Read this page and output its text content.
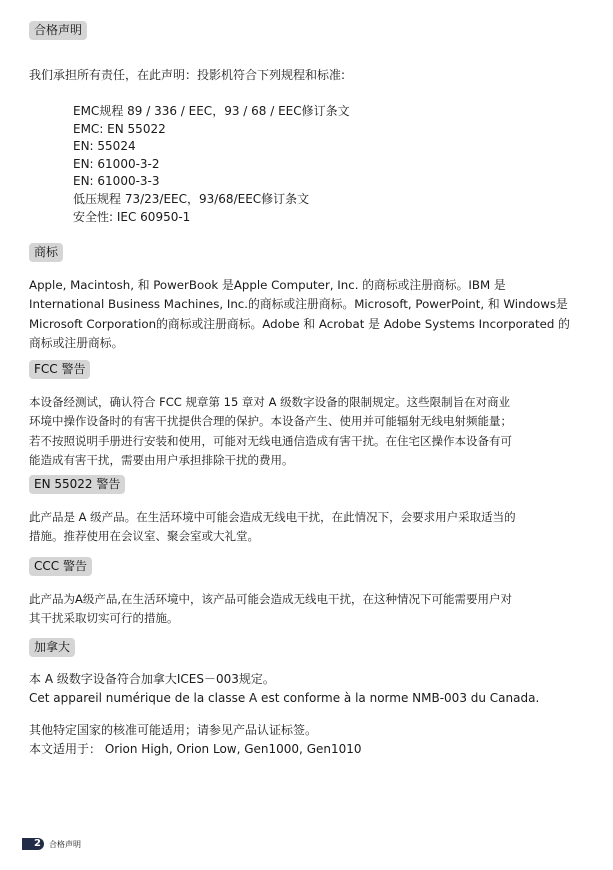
合格声明

我们承担所有责任，在此声明：投影机符合下列规程和标准:

EMC规程 89 / 336 / EEC，93 / 68 / EEC修订条文
EMC: EN 55022
EN: 55024
EN: 61000-3-2
EN: 61000-3-3
低压规程 73/23/EEC，93/68/EEC修订条文
安全性: IEC 60950-1
商标
Apple, Macintosh, 和 PowerBook 是Apple Computer, Inc. 的商标或注册商标。IBM 是
International Business Machines, Inc.的商标或注册商标。Microsoft, PowerPoint, 和 Windows是
Microsoft Corporation的商标或注册商标。Adobe 和 Acrobat 是 Adobe Systems Incorporated 的
商标或注册商标。
FCC 警告
本设备经测试，确认符合 FCC 规章第 15 章对 A 级数字设备的限制规定。这些限制旨在对商业
环境中操作设备时的有害干扰提供合理的保护。本设备产生、使用并可能辐射无线电射频能量；
若不按照说明手册进行安装和使用，可能对无线电通信造成有害干扰。在住宅区操作本设备有可
能造成有害干扰，需要由用户承担排除干扰的费用。
EN 55022 警告
此产品是 A 级产品。在生活环境中可能会造成无线电干扰，在此情况下，会要求用户采取适当的
措施。推荐使用在会议室、聚会室或大礼堂。
CCC 警告
此产品为A级产品,在生活环境中，该产品可能会造成无线电干扰，在这种情况下可能需要用户对
其干扰采取切实可行的措施。
加拿大
本 A 级数字设备符合加拿大ICES－003规定。
Cet appareil numérique de la classe A est conforme à la norme NMB-003 du Canada.
其他特定国家的核准可能适用；请参见产品认证标签。
本文适用于： Orion High, Orion Low, Gen1000, Gen1010
2	合格声明
